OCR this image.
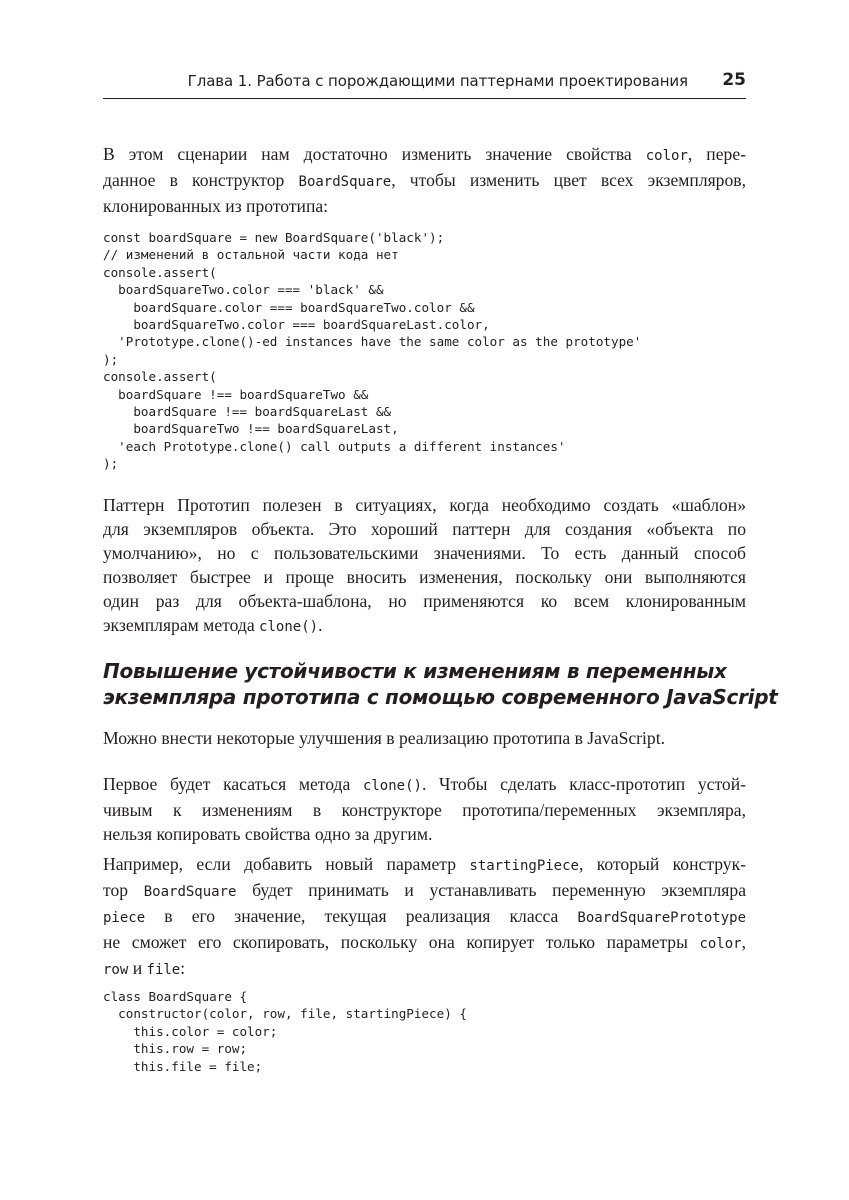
Глава 1. Работа с порождающими паттернами проектирования 25
В этом сценарии нам достаточно изменить значение свойства color, пере-
данное в конструктор BoardSquare, чтобы изменить цвет всех экземпляров,
клонированных из прототипа:
const boardSquare = new BoardSquare('black');
// изменений в остальной части кода нет
console.assert(
boardSquareTwo.color === 'black' &&
boardSquare.color === boardSquareTwo.color &&
boardSquareTwo.color === boardSquareLast.color,
'Prototype.clone()-ed instances have the same color as the prototype'
);
console.assert(
boardSquare !== boardSquareTwo &&
boardSquare !== boardSquareLast &&
boardSquareTwo !== boardSquareLast,
'each Prototype.clone() call outputs a different instances'
);
Паттерн Прототип полезен в ситуациях, когда необходимо создать «шаблон»
для экземпляров объекта. Это хороший паттерн для создания «объекта по
умолчанию», но с пользовательскими значениями. То есть данный способ
позволяет быстрее и проще вносить изменения, поскольку они выполняются
один раз для объекта-шаблона, но применяются ко всем клонированным
экземплярам метода clone().
Повышение устойчивости к изменениям в переменных
экземпляра прототипа с помощью современного JavaScript
Можно внести некоторые улучшения в реализацию прототипа в JavaScript.
Первое будет касаться метода clone(). Чтобы сделать класс-прототип устой-
чивым к изменениям в конструкторе прототипа/переменных экземпляра,
нельзя копировать свойства одно за другим.
Например, если добавить новый параметр startingPiece, который конструк-
тор BoardSquare будет принимать и устанавливать переменную экземпляра
piece в его значение, текущая реализация класса BoardSquarePrototype
не сможет его скопировать, поскольку она копирует только параметры color,
row и file:
class BoardSquare {
constructor(color, row, file, startingPiece) {
this.color = color;
this.row = row;
this.file = file;
